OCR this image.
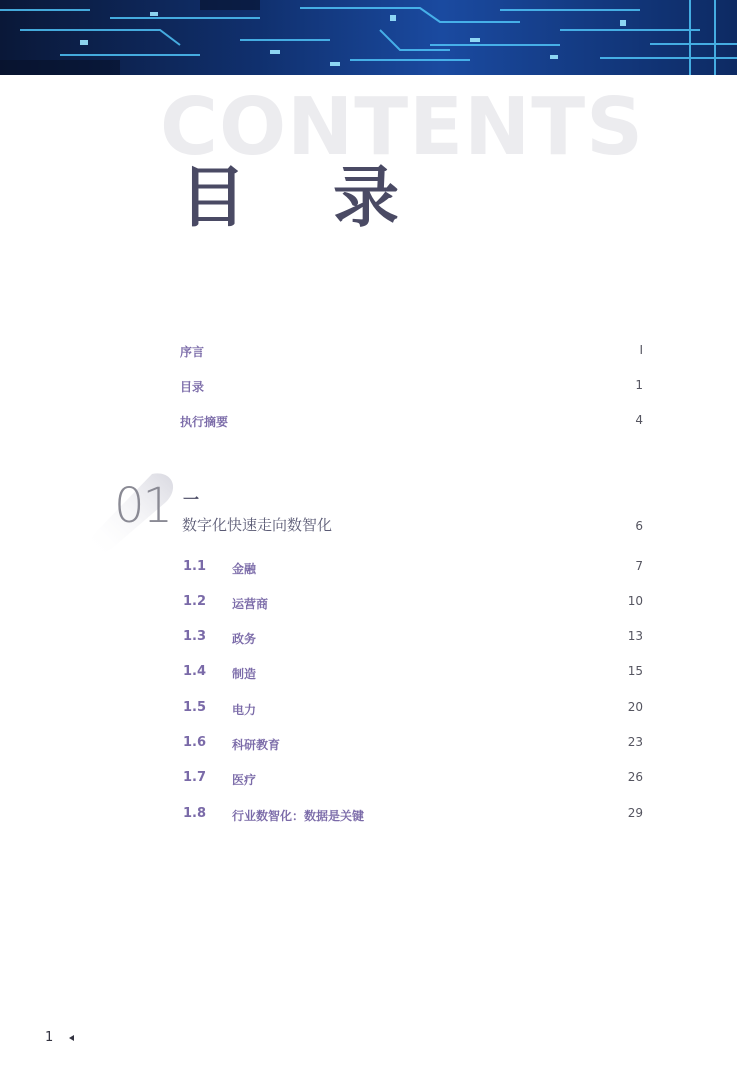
CONTENTS
目 录
序言	I
目录	1
执行摘要	4
01 一
数字化快速走向数智化	6
1.1 金融	7
1.2 运营商	10
1.3 政务	13
1.4 制造	15
1.5 电力	20
1.6 科研教育	23
1.7 医疗	26
1.8 行业数智化：数据是关键	29
1
